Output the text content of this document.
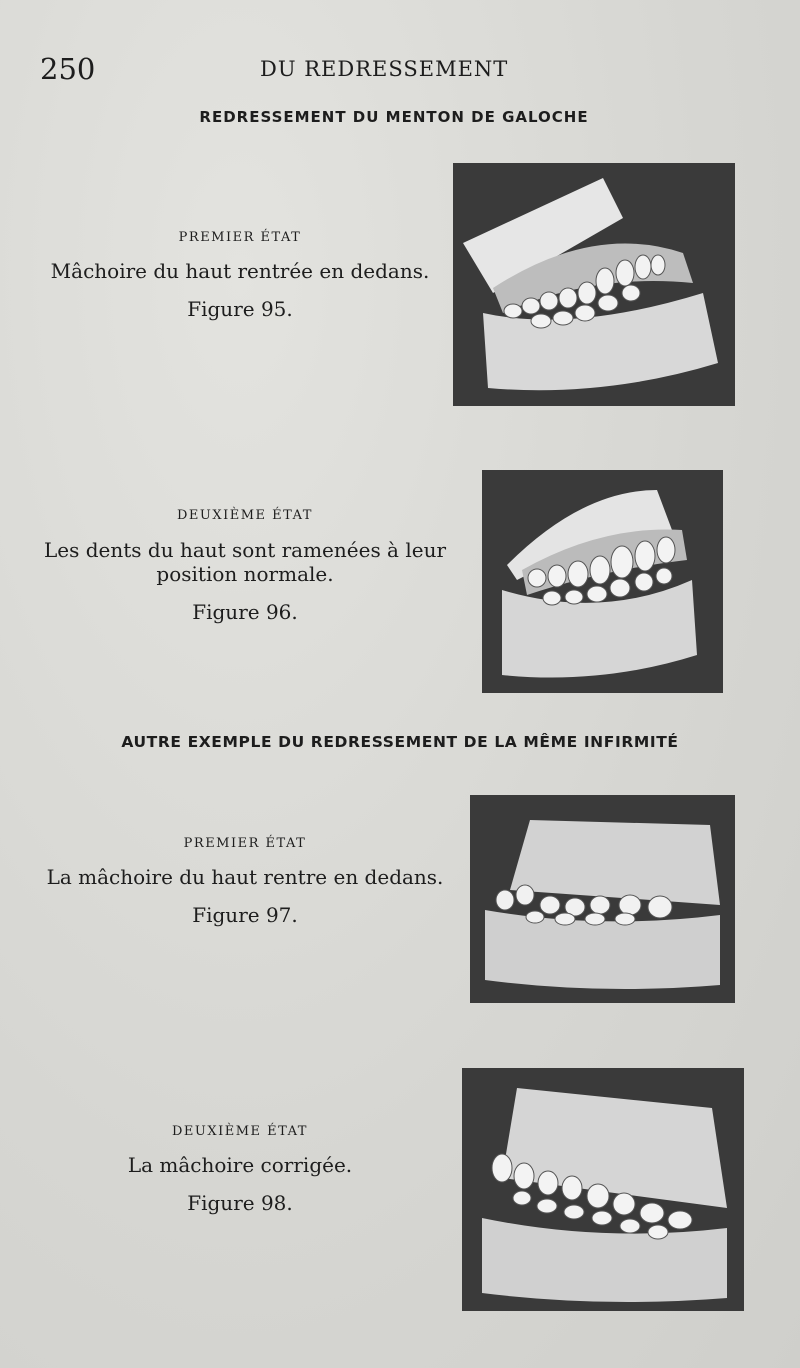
250	DU REDRESSEMENT
REDRESSEMENT DU MENTON DE GALOCHE
PREMIER ÉTAT
Mâchoire du haut rentrée en dedans.
Figure 95.
DEUXIÈME ÉTAT
Les dents du haut sont ramenées à leur
position normale.
Figure 96.
AUTRE EXEMPLE DU REDRESSEMENT DE LA MÊME INFIRMITÉ
PREMIER ÉTAT
La mâchoire du haut rentre en dedans.
Figure 97.
DEUXIÈME ÉTAT
La mâchoire corrigée.
Figure 98.
